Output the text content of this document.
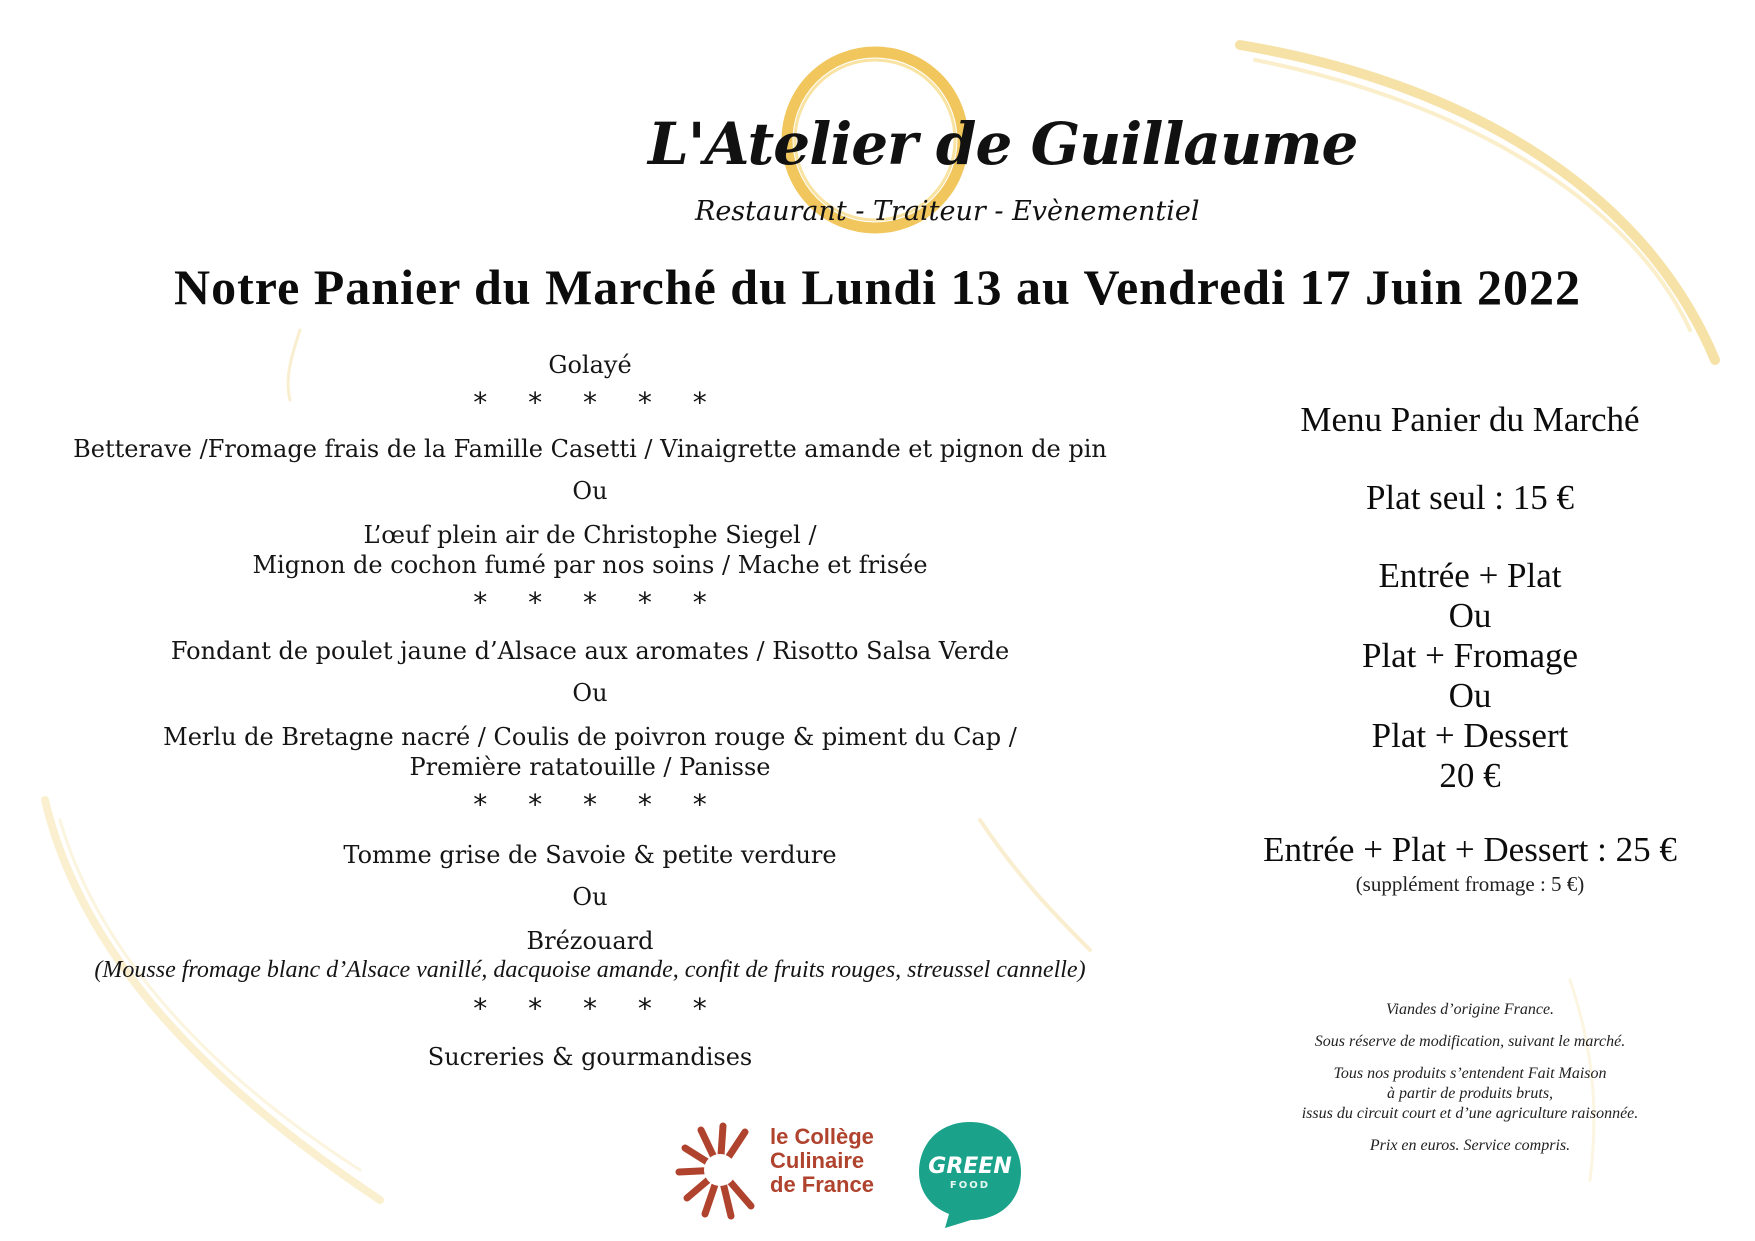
L'Atelier de Guillaume
Restaurant - Traiteur - Evènementiel
Notre Panier du Marché du Lundi 13 au Vendredi 17 Juin 2022
Golayé
* * * * *
Betterave /Fromage frais de la Famille Casetti / Vinaigrette amande et pignon de pin
Ou
L’œuf plein air de Christophe Siegel /
Mignon de cochon fumé par nos soins / Mache et frisée
* * * * *
Fondant de poulet jaune d’Alsace aux aromates / Risotto Salsa Verde
Ou
Merlu de Bretagne nacré / Coulis de poivron rouge & piment du Cap /
Première ratatouille / Panisse
* * * * *
Tomme grise de Savoie & petite verdure
Ou
Brézouard
(Mousse fromage blanc d’Alsace vanillé, dacquoise amande, confit de fruits rouges, streussel cannelle)
* * * * *
Sucreries & gourmandises
Menu Panier du Marché
Plat seul : 15 €
Entrée + Plat
Ou
Plat + Fromage
Ou
Plat + Dessert
20 €
Entrée + Plat + Dessert : 25 €
(supplément fromage : 5 €)
Viandes d’origine France.
Sous réserve de modification, suivant le marché.
Tous nos produits s’entendent Fait Maison
à partir de produits bruts,
issus du circuit court et d’une agriculture raisonnée.
Prix en euros. Service compris.
le Collège
Culinaire
de France
GREEN
FOOD
